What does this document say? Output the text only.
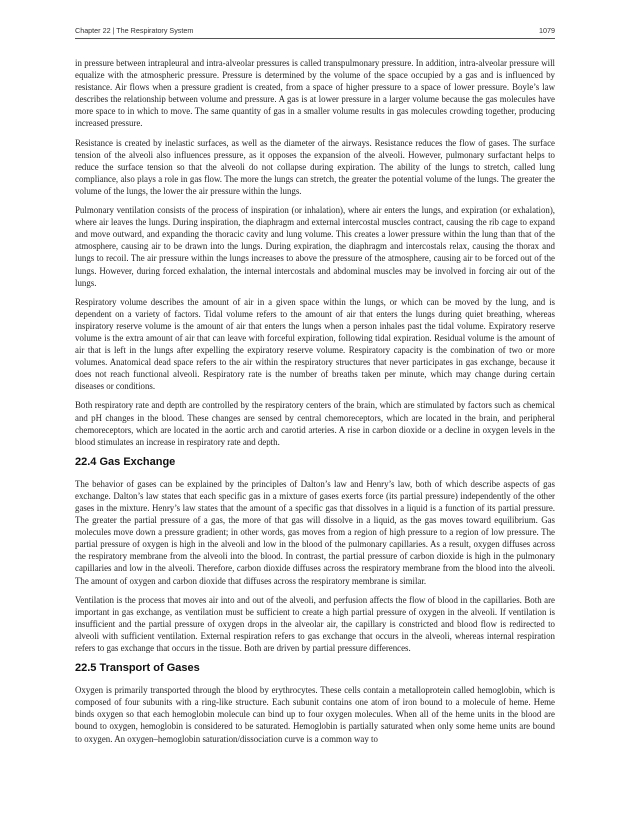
Chapter 22 | The Respiratory System	1079

in pressure between intrapleural and intra-alveolar pressures is called transpulmonary pressure. In addition, intra-alveolar pressure will equalize with the atmospheric pressure. Pressure is determined by the volume of the space occupied by a gas and is influenced by resistance. Air flows when a pressure gradient is created, from a space of higher pressure to a space of lower pressure. Boyle’s law describes the relationship between volume and pressure. A gas is at lower pressure in a larger volume because the gas molecules have more space to in which to move. The same quantity of gas in a smaller volume results in gas molecules crowding together, producing increased pressure.

Resistance is created by inelastic surfaces, as well as the diameter of the airways. Resistance reduces the flow of gases. The surface tension of the alveoli also influences pressure, as it opposes the expansion of the alveoli. However, pulmonary surfactant helps to reduce the surface tension so that the alveoli do not collapse during expiration. The ability of the lungs to stretch, called lung compliance, also plays a role in gas flow. The more the lungs can stretch, the greater the potential volume of the lungs. The greater the volume of the lungs, the lower the air pressure within the lungs.

Pulmonary ventilation consists of the process of inspiration (or inhalation), where air enters the lungs, and expiration (or exhalation), where air leaves the lungs. During inspiration, the diaphragm and external intercostal muscles contract, causing the rib cage to expand and move outward, and expanding the thoracic cavity and lung volume. This creates a lower pressure within the lung than that of the atmosphere, causing air to be drawn into the lungs. During expiration, the diaphragm and intercostals relax, causing the thorax and lungs to recoil. The air pressure within the lungs increases to above the pressure of the atmosphere, causing air to be forced out of the lungs. However, during forced exhalation, the internal intercostals and abdominal muscles may be involved in forcing air out of the lungs.

Respiratory volume describes the amount of air in a given space within the lungs, or which can be moved by the lung, and is dependent on a variety of factors. Tidal volume refers to the amount of air that enters the lungs during quiet breathing, whereas inspiratory reserve volume is the amount of air that enters the lungs when a person inhales past the tidal volume. Expiratory reserve volume is the extra amount of air that can leave with forceful expiration, following tidal expiration. Residual volume is the amount of air that is left in the lungs after expelling the expiratory reserve volume. Respiratory capacity is the combination of two or more volumes. Anatomical dead space refers to the air within the respiratory structures that never participates in gas exchange, because it does not reach functional alveoli. Respiratory rate is the number of breaths taken per minute, which may change during certain diseases or conditions.

Both respiratory rate and depth are controlled by the respiratory centers of the brain, which are stimulated by factors such as chemical and pH changes in the blood. These changes are sensed by central chemoreceptors, which are located in the brain, and peripheral chemoreceptors, which are located in the aortic arch and carotid arteries. A rise in carbon dioxide or a decline in oxygen levels in the blood stimulates an increase in respiratory rate and depth.

22.4 Gas Exchange

The behavior of gases can be explained by the principles of Dalton’s law and Henry’s law, both of which describe aspects of gas exchange. Dalton’s law states that each specific gas in a mixture of gases exerts force (its partial pressure) independently of the other gases in the mixture. Henry’s law states that the amount of a specific gas that dissolves in a liquid is a function of its partial pressure. The greater the partial pressure of a gas, the more of that gas will dissolve in a liquid, as the gas moves toward equilibrium. Gas molecules move down a pressure gradient; in other words, gas moves from a region of high pressure to a region of low pressure. The partial pressure of oxygen is high in the alveoli and low in the blood of the pulmonary capillaries. As a result, oxygen diffuses across the respiratory membrane from the alveoli into the blood. In contrast, the partial pressure of carbon dioxide is high in the pulmonary capillaries and low in the alveoli. Therefore, carbon dioxide diffuses across the respiratory membrane from the blood into the alveoli. The amount of oxygen and carbon dioxide that diffuses across the respiratory membrane is similar.

Ventilation is the process that moves air into and out of the alveoli, and perfusion affects the flow of blood in the capillaries. Both are important in gas exchange, as ventilation must be sufficient to create a high partial pressure of oxygen in the alveoli. If ventilation is insufficient and the partial pressure of oxygen drops in the alveolar air, the capillary is constricted and blood flow is redirected to alveoli with sufficient ventilation. External respiration refers to gas exchange that occurs in the alveoli, whereas internal respiration refers to gas exchange that occurs in the tissue. Both are driven by partial pressure differences.

22.5 Transport of Gases

Oxygen is primarily transported through the blood by erythrocytes. These cells contain a metalloprotein called hemoglobin, which is composed of four subunits with a ring-like structure. Each subunit contains one atom of iron bound to a molecule of heme. Heme binds oxygen so that each hemoglobin molecule can bind up to four oxygen molecules. When all of the heme units in the blood are bound to oxygen, hemoglobin is considered to be saturated. Hemoglobin is partially saturated when only some heme units are bound to oxygen. An oxygen–hemoglobin saturation/dissociation curve is a common way to
